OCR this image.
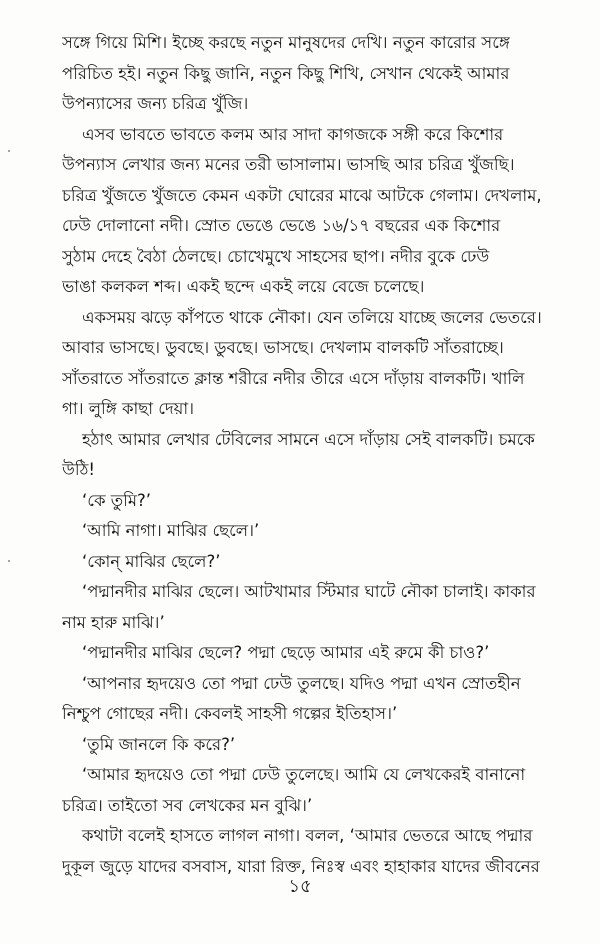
সঙ্গে গিয়ে মিশি। ইচ্ছে করছে নতুন মানুষদের দেখি। নতুন কারোর সঙ্গে
পরিচিত হই। নতুন কিছু জানি, নতুন কিছু শিখি, সেখান থেকেই আমার
উপন্যাসের জন্য চরিত্র খুঁজি।
এসব ভাবতে ভাবতে কলম আর সাদা কাগজকে সঙ্গী করে কিশোর
উপন্যাস লেখার জন্য মনের তরী ভাসালাম। ভাসছি আর চরিত্র খুঁজছি।
চরিত্র খুঁজতে খুঁজতে কেমন একটা ঘোরের মাঝে আটকে গেলাম। দেখলাম,
ঢেউ দোলানো নদী। স্রোত ভেঙে ভেঙে ১৬/১৭ বছরের এক কিশোর
সুঠাম দেহে বৈঠা ঠেলছে। চোখেমুখে সাহসের ছাপ। নদীর বুকে ঢেউ
ভাঙা কলকল শব্দ। একই ছন্দে একই লয়ে বেজে চলেছে।
একসময় ঝড়ে কাঁপতে থাকে নৌকা। যেন তলিয়ে যাচ্ছে জলের ভেতরে।
আবার ভাসছে। ডুবছে। ডুবছে। ভাসছে। দেখলাম বালকটি সাঁতরাচ্ছে।
সাঁতরাতে সাঁতরাতে ক্লান্ত শরীরে নদীর তীরে এসে দাঁড়ায় বালকটি। খালি
গা। লুঙ্গি কাছা দেয়া।
হঠাৎ আমার লেখার টেবিলের সামনে এসে দাঁড়ায় সেই বালকটি। চমকে
উঠি!
‘কে তুমি?’
‘আমি নাগা। মাঝির ছেলে।’
‘কোন্ মাঝির ছেলে?’
‘পদ্মানদীর মাঝির ছেলে। আটখামার স্টিমার ঘাটে নৌকা চালাই। কাকার
নাম হারু মাঝি।’
‘পদ্মানদীর মাঝির ছেলে? পদ্মা ছেড়ে আমার এই রুমে কী চাও?’
‘আপনার হৃদয়েও তো পদ্মা ঢেউ তুলছে। যদিও পদ্মা এখন স্রোতহীন
নিশ্চুপ গোছের নদী। কেবলই সাহসী গল্পের ইতিহাস।’
‘তুমি জানলে কি করে?’
‘আমার হৃদয়েও তো পদ্মা ঢেউ তুলেছে। আমি যে লেখকেরই বানানো
চরিত্র। তাইতো সব লেখকের মন বুঝি।’
কথাটা বলেই হাসতে লাগল নাগা। বলল, ‘আমার ভেতরে আছে পদ্মার
দুকূল জুড়ে যাদের বসবাস, যারা রিক্ত, নিঃস্ব এবং হাহাকার যাদের জীবনের
১৫
